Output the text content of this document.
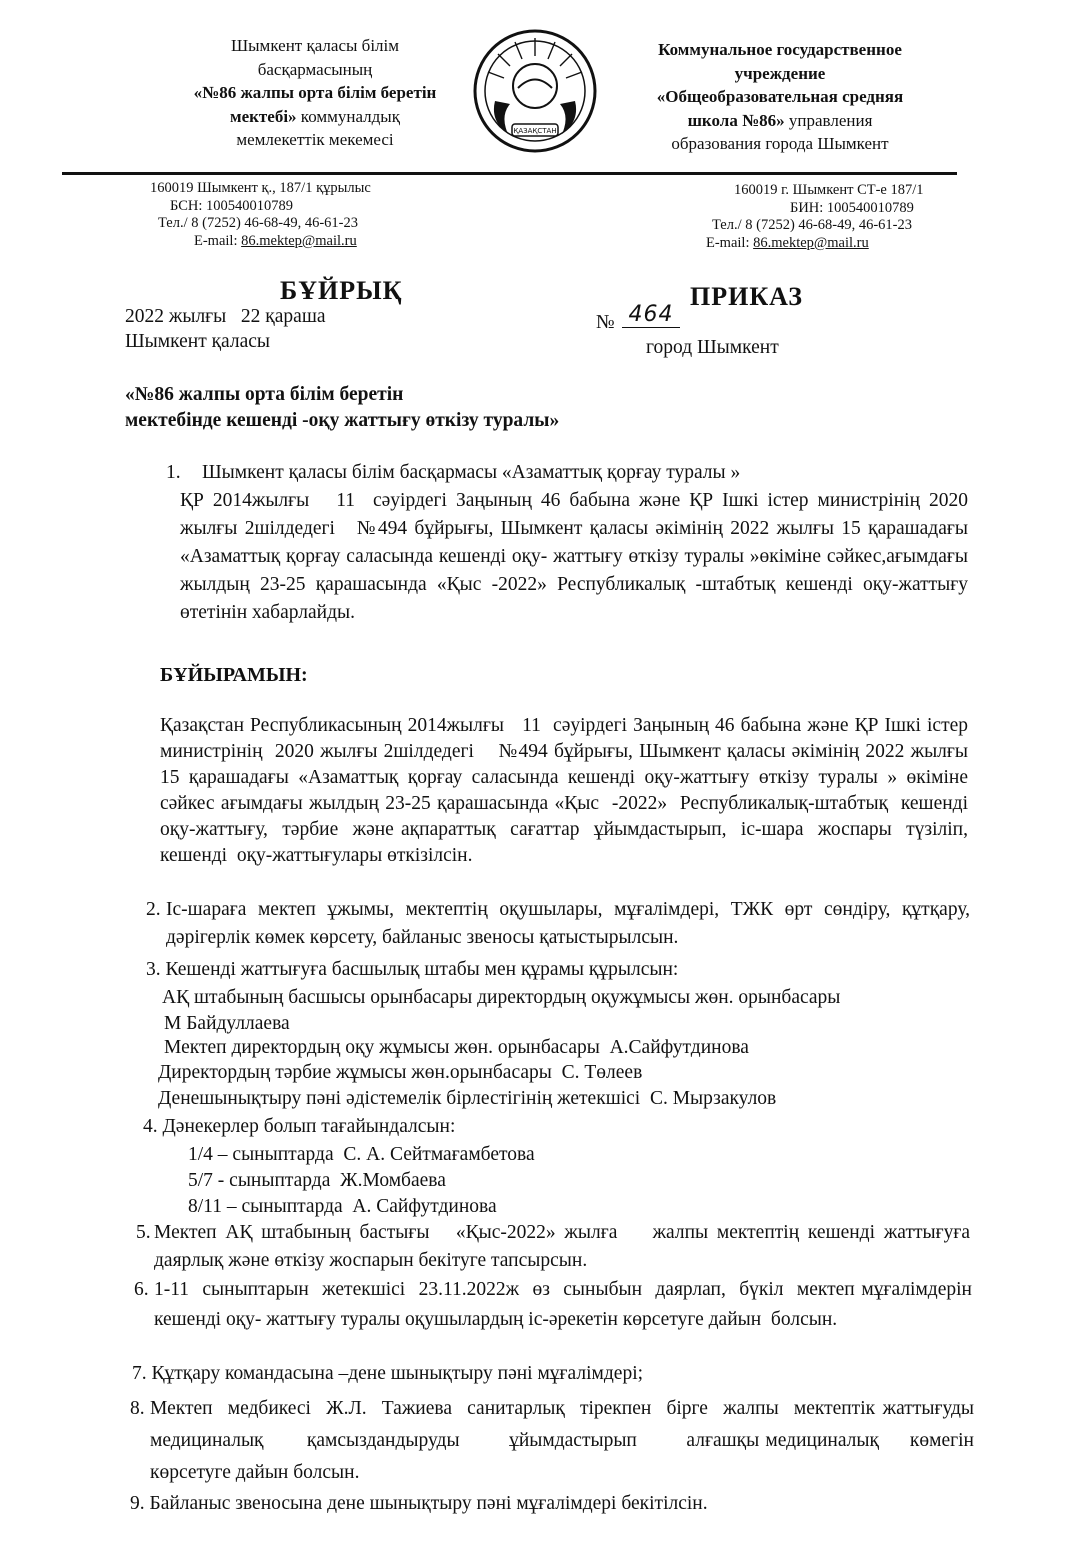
Шымкент қаласы білім
басқармасының
«№86 жалпы орта білім беретін
мектебі» коммуналдық
мемлекеттік мекемесі	ҚАЗАҚСТАН
Коммунальное государственное
учреждение
«Общеобразовательная средняя
школа №86» управления
образования города Шымкент
160019 Шымкент қ., 187/1 құрылыс
БСН: 100540010789
Тел./ 8 (7252) 46-68-49, 46-61-23
E-mail: 86.mektep@mail.ru
160019 г. Шымкент СТ-е 187/1
БИН: 100540010789
Тел./ 8 (7252) 46-68-49, 46-61-23
E-mail: 86.mektep@mail.ru
БҰЙРЫҚ	ПРИКАЗ
2022 жылғы   22 қараша
Шымкент қаласы
№ 464
город Шымкент
«№86 жалпы орта білім беретін
мектебінде кешенді -оқу жаттығу өткізу туралы»
1. Шымкент қаласы білім басқармасы «Азаматтық қорғау туралы »

ҚР 2014жылғы   11  сәуірдегі Заңының 46 бабына және ҚР Ішкі істер министрінің 2020 жылғы 2шілдедегі   №494 бұйрығы, Шымкент қаласы әкімінің 2022 жылғы 15 қарашадағы «Азаматтық қорғау саласында кешенді оқу- жаттығу өткізу туралы »өкіміне сәйкес,ағымдағы жылдың 23-25 қарашасында «Қыс -2022» Республикалық -штабтық кешенді оқу-жаттығу өтетінін хабарлайды.

БҰЙЫРАМЫН:

Қазақстан Республикасының 2014жылғы   11  сәуірдегі Заңының 46 бабына және ҚР Ішкі істер министрінің  2020 жылғы 2шілдедегі    №494 бұйрығы, Шымкент қаласы әкімінің 2022 жылғы 15 қарашадағы «Азаматтық қорғау саласында кешенді оқу-жаттығу өткізу туралы » өкіміне сәйкес ағымдағы жылдың 23-25 қарашасында «Қыс  -2022»  Республикалық-штабтық  кешенді  оқу-жаттығу,  тәрбие  және ақпараттық  сағаттар  ұйымдастырып,  іс-шара  жоспары  түзіліп,  кешенді  оқу-жаттығулары өткізілсін.

2. Іс-шараға мектеп ұжымы, мектептің оқушылары, мұғалімдері, ТЖК өрт сөндіру, құтқару, дәрігерлік көмек көрсету, байланыс звеносы қатыстырылсын.

3. Кешенді жаттығуға басшылық штабы мен құрамы құрылсын:
АҚ штабының басшысы орынбасары директордың оқужұмысы жөн. орынбасары
М Байдуллаева
Мектеп директордың оқу жұмысы жөн. орынбасары  А.Сайфутдинова
Директордың тәрбие жұмысы жөн.орынбасары  С. Төлеев
Денешынықтыру пәні әдістемелік бірлестігінің жетекшісі  С. Мырзакулов
4. Дәнекерлер болып тағайындалсын:
1/4 – сыныптарда  С. А. Сейтмағамбетова
5/7 - сыныптарда  Ж.Момбаева
8/11 – сыныптарда  А. Сайфутдинова
5. Мектеп АҚ штабының бастығы   «Қыс-2022» жылға    жалпы мектептің кешенді жаттығуға даярлық және өткізу жоспарын бекітуге тапсырсын.

6. 1-11  сыныптарын  жетекшісі  23.11.2022ж  өз  сыныбын  даярлап,  бүкіл  мектеп мұғалімдерін  кешенді оқу- жаттығу туралы оқушылардың іс-әрекетін көрсетуге дайын  болсын.

7. Құтқару командасына –дене шынықтыру пәні мұғалімдері;
8. Мектеп  медбикесі  Ж.Л.  Тажиева  санитарлық  тірекпен  бірге  жалпы  мектептік жаттығуды        медициналық       қамсыздандыруды        ұйымдастырып        алғашқы медициналық     көмегін көрсетуге дайын болсын.

9. Байланыс звеносына дене шынықтыру пәні мұғалімдері бекітілсін.
